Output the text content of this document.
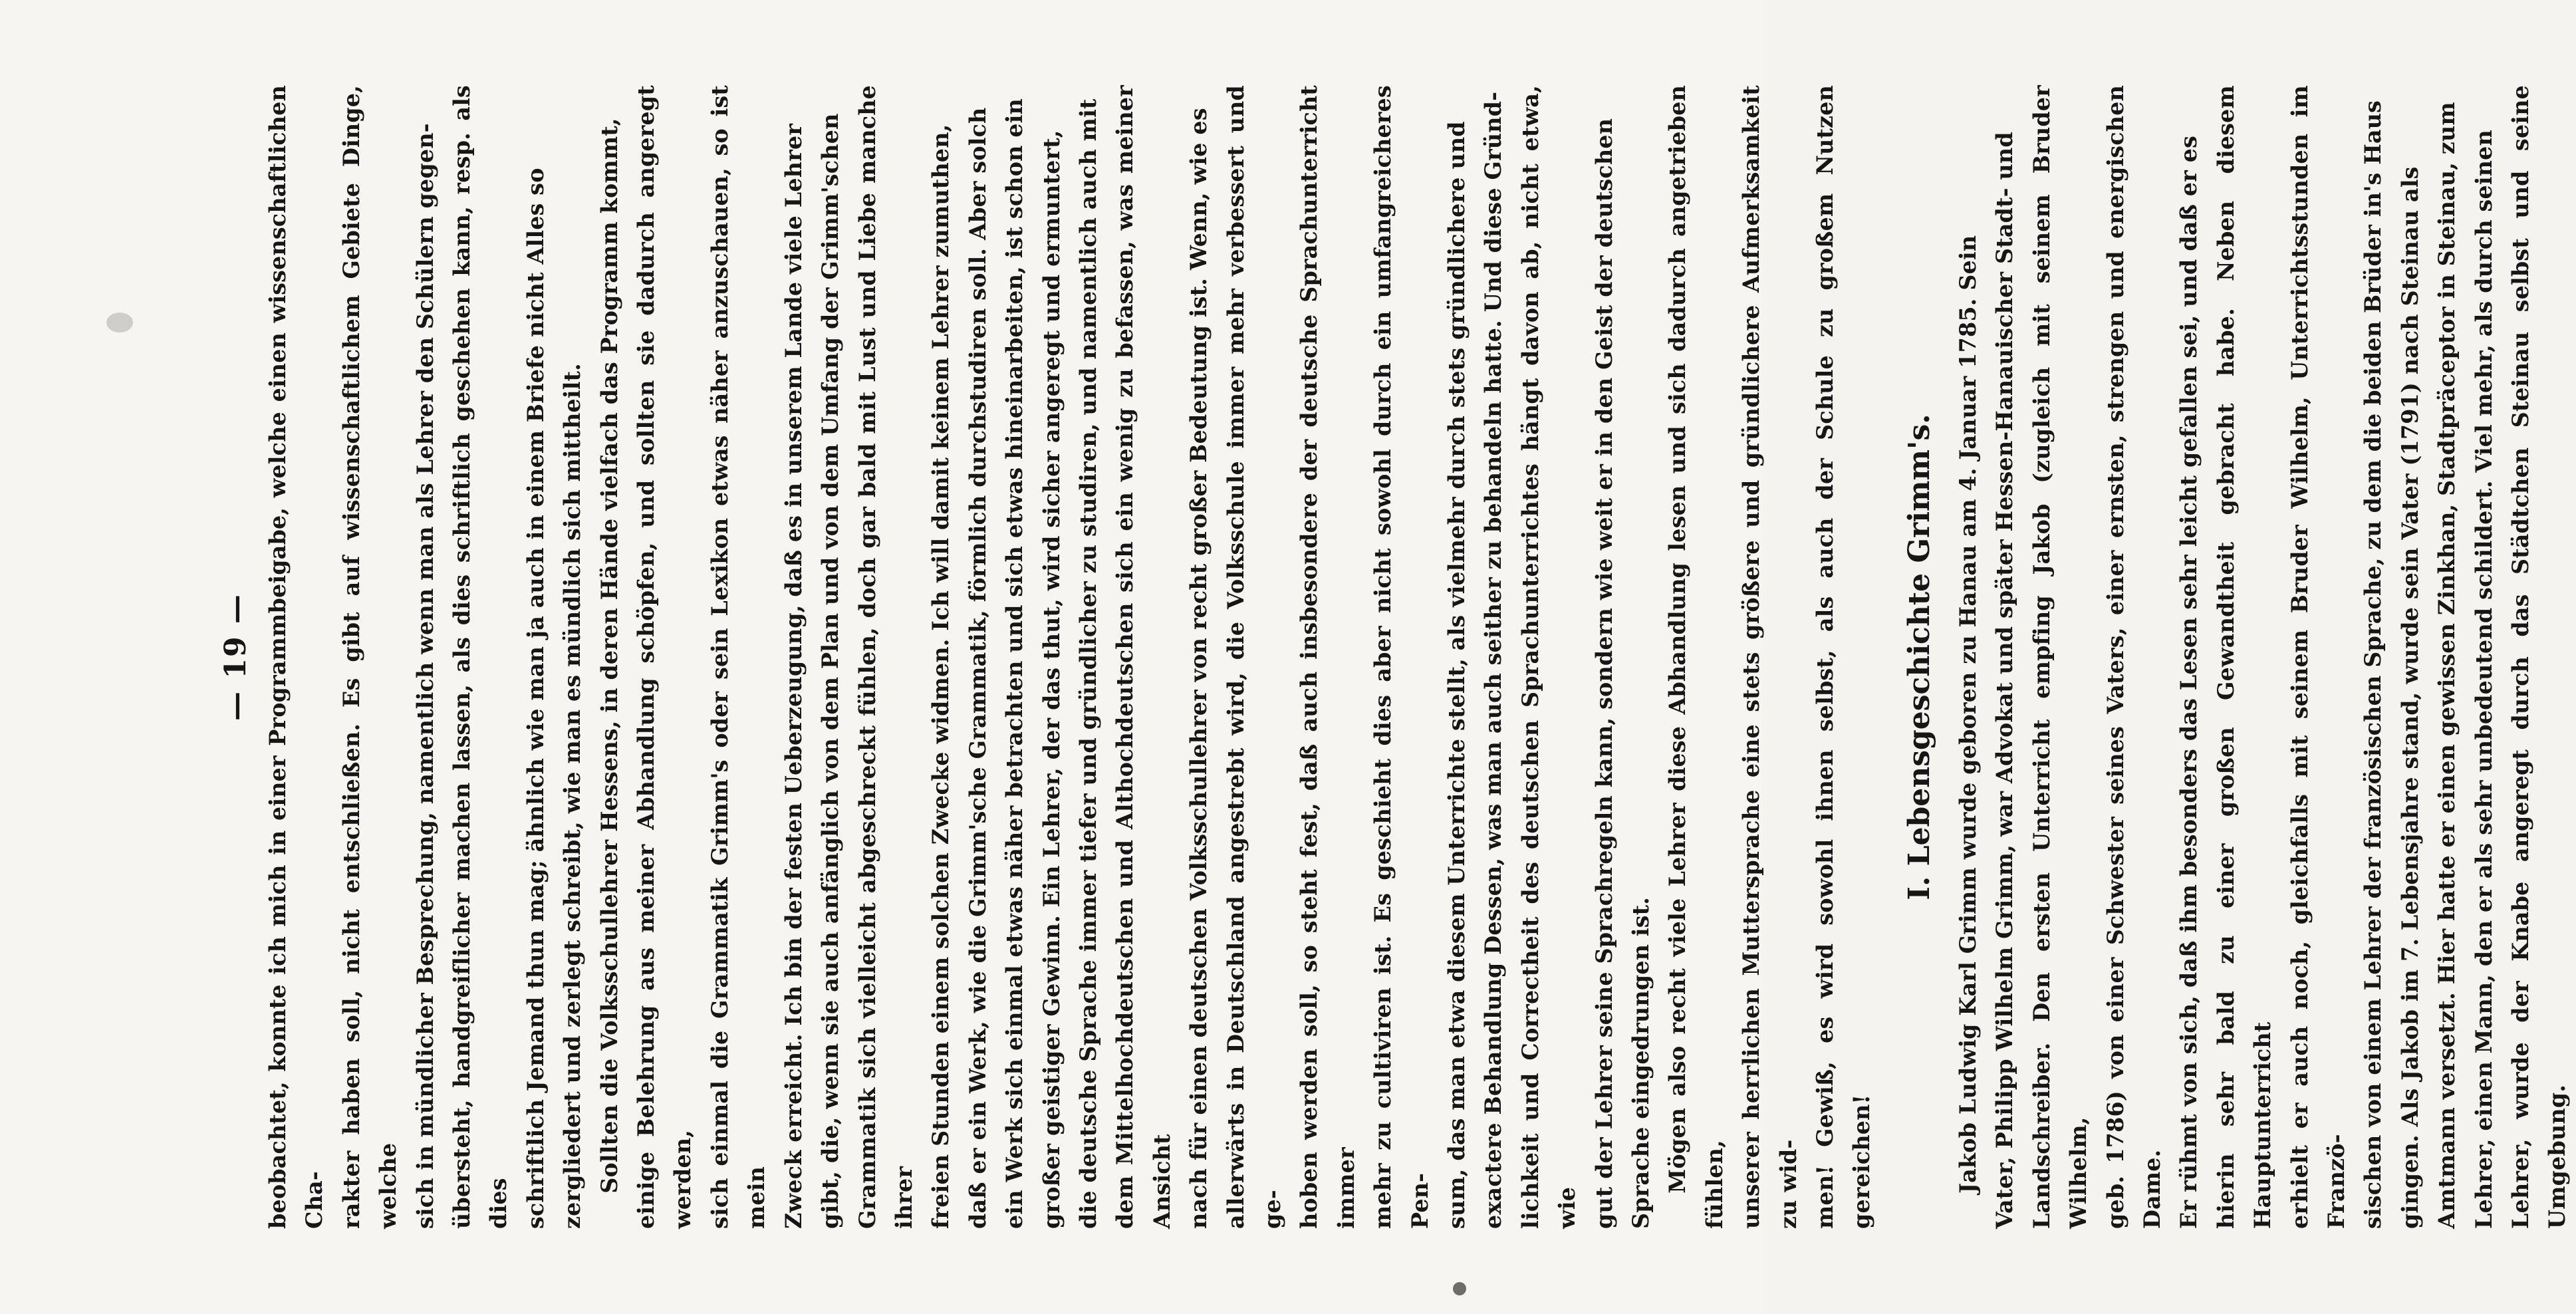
— 19 — beobachtet, konnte ich mich in einer Programmbeigabe, welche einen wissenschaftlichen Cha- rakter haben soll, nicht entschließen. Es gibt auf wissenschaftlichem Gebiete Dinge, welche sich in mündlicher Besprechung, namentlich wenn man als Lehrer den Schülern gegen- übersteht, handgreiflicher machen lassen, als dies schriftlich geschehen kann, resp. als dies schriftlich Jemand thun mag; ähnlich wie man ja auch in einem Briefe nicht Alles so zergliedert und zerlegt schreibt, wie man es mündlich sich mittheilt. Sollten die Volksschullehrer Hessens, in deren Hände vielfach das Programm kommt, einige Belehrung aus meiner Abhandlung schöpfen, und sollten sie dadurch angeregt werden, sich einmal die Grammatik Grimm's oder sein Lexikon etwas näher anzuschauen, so ist mein Zweck erreicht. Ich bin der festen Ueberzeugung, daß es in unserem Lande viele Lehrer gibt, die, wenn sie auch anfänglich von dem Plan und von dem Umfang der Grimm'schen Grammatik sich vielleicht abgeschreckt fühlen, doch gar bald mit Lust und Liebe manche ihrer freien Stunden einem solchen Zwecke widmen. Ich will damit keinem Lehrer zumuthen, daß er ein Werk, wie die Grimm'sche Grammatik, förmlich durchstudiren soll. Aber solch ein Werk sich einmal etwas näher betrachten und sich etwas hineinarbeiten, ist schon ein großer geistiger Gewinn. Ein Lehrer, der das thut, wird sicher angeregt und ermuntert, die deutsche Sprache immer tiefer und gründlicher zu studiren, und namentlich auch mit dem Mittelhochdeutschen und Althochdeutschen sich ein wenig zu befassen, was meiner Ansicht nach für einen deutschen Volksschullehrer von recht großer Bedeutung ist. Wenn, wie es allerwärts in Deutschland angestrebt wird, die Volksschule immer mehr verbessert und ge- hoben werden soll, so steht fest, daß auch insbesondere der deutsche Sprachunterricht immer mehr zu cultiviren ist. Es geschieht dies aber nicht sowohl durch ein umfangreicheres Pen- sum, das man etwa diesem Unterrichte stellt, als vielmehr durch stets gründlichere und exactere Behandlung Dessen, was man auch seither zu behandeln hatte. Und diese Gründ- lichkeit und Correctheit des deutschen Sprachunterrichtes hängt davon ab, nicht etwa, wie gut der Lehrer seine Sprachregeln kann, sondern wie weit er in den Geist der deutschen Sprache eingedrungen ist. Mögen also recht viele Lehrer diese Abhandlung lesen und sich dadurch angetrieben fühlen, unserer herrlichen Muttersprache eine stets größere und gründlichere Aufmerksamkeit zu wid- men! Gewiß, es wird sowohl ihnen selbst, als auch der Schule zu großem Nutzen gereichen!

I. Lebensgeschichte Grimm's. Jakob Ludwig Karl Grimm wurde geboren zu Hanau am 4. Januar 1785. Sein Vater, Philipp Wilhelm Grimm, war Advokat und später Hessen-Hanauischer Stadt- und Landschreiber. Den ersten Unterricht empfing Jakob (zugleich mit seinem Bruder Wilhelm, geb. 1786) von einer Schwester seines Vaters, einer ernsten, strengen und energischen Dame. Er rühmt von sich, daß ihm besonders das Lesen sehr leicht gefallen sei, und daß er es hierin sehr bald zu einer großen Gewandtheit gebracht habe. Neben diesem Hauptunterricht erhielt er auch noch, gleichfalls mit seinem Bruder Wilhelm, Unterrichtsstunden im Franzö- sischen von einem Lehrer der französischen Sprache, zu dem die beiden Brüder in's Haus gingen. Als Jakob im 7. Lebensjahre stand, wurde sein Vater (1791) nach Steinau als Amtmann versetzt. Hier hatte er einen gewissen Zinkhan, Stadtpräceptor in Steinau, zum Lehrer, einen Mann, den er als sehr unbedeutend schildert. Viel mehr, als durch seinen Lehrer, wurde der Knabe angeregt durch das Städtchen Steinau selbst und seine Umgebung.
